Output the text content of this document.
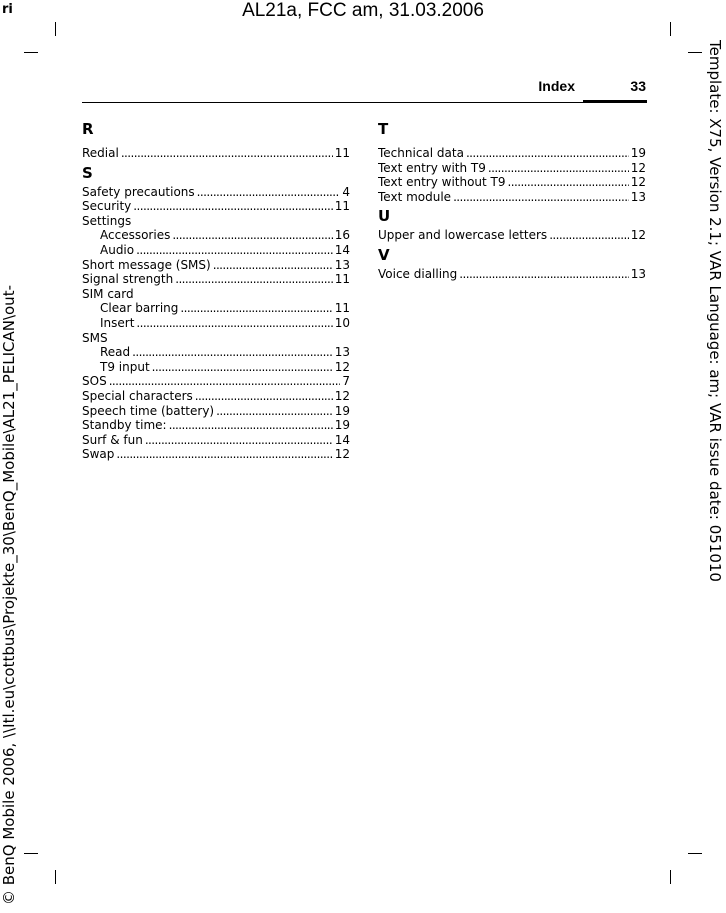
ri	AL21a, FCC am, 31.03.2006
Template: X75, Version 2.1; VAR Language: am; VAR issue date: 051010
© BenQ Mobile 2006, \\Itl.eu\cottbus\Projekte_30\BenQ_Mobile\AL21_PELICAN\out-
Index	33
R
Redial . . .	11
S
Safety precautions . . .	4
Security . . .	11
Settings
Accessories . . .	16
Audio . . .	14
Short message (SMS) . . .	13
Signal strength . . .	11
SIM card
Clear barring . . .	11
Insert . . .	10
SMS
Read . . .	13
T9 input . . .	12
SOS . . .	7
Special characters . . .	12
Speech time (battery) . . .	19
Standby time: . . .	19
Surf & fun . . .	14
Swap . . .	12
T
Technical data . . .	19
Text entry with T9 . . .	12
Text entry without T9 . . .	12
Text module . . .	13
U
Upper and lowercase letters . . .	12
V
Voice dialling . . .	13
